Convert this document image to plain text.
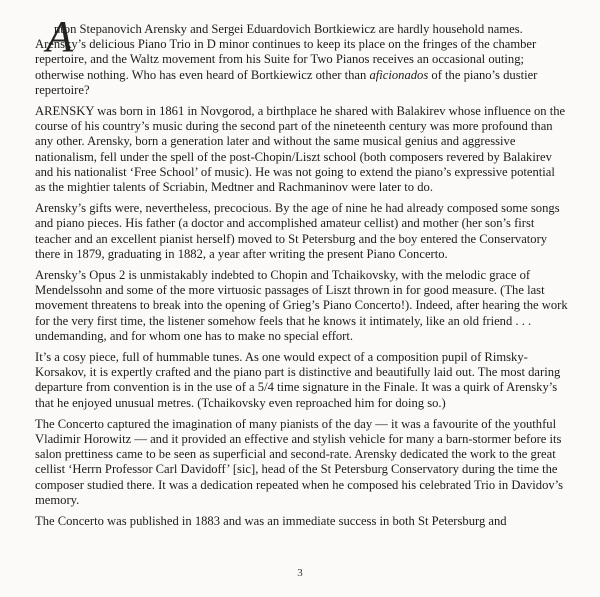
A
nton Stepanovich Arensky and Sergei Eduardovich Bortkiewicz are hardly household names. Arensky’s delicious Piano Trio in D minor continues to keep its place on the fringes of the chamber repertoire, and the Waltz movement from his Suite for Two Pianos receives an occasional outing; otherwise nothing. Who has even heard of Bortkiewicz other than aficionados of the piano’s dustier repertoire?

ARENSKY was born in 1861 in Novgorod, a birthplace he shared with Balakirev whose influence on the course of his country’s music during the second part of the nineteenth century was more profound than any other. Arensky, born a generation later and without the same musical genius and aggressive nationalism, fell under the spell of the post-Chopin/Liszt school (both composers revered by Balakirev and his nationalist ‘Free School’ of music). He was not going to extend the piano’s expressive potential as the mightier talents of Scriabin, Medtner and Rachmaninov were later to do.

Arensky’s gifts were, nevertheless, precocious. By the age of nine he had already composed some songs and piano pieces. His father (a doctor and accomplished amateur cellist) and mother (her son’s first teacher and an excellent pianist herself) moved to St Petersburg and the boy entered the Conservatory there in 1879, graduating in 1882, a year after writing the present Piano Concerto.

Arensky’s Opus 2 is unmistakably indebted to Chopin and Tchaikovsky, with the melodic grace of Mendelssohn and some of the more virtuosic passages of Liszt thrown in for good measure. (The last movement threatens to break into the opening of Grieg’s Piano Concerto!). Indeed, after hearing the work for the very first time, the listener somehow feels that he knows it intimately, like an old friend . . . undemanding, and for whom one has to make no special effort.

It’s a cosy piece, full of hummable tunes. As one would expect of a composition pupil of Rimsky-Korsakov, it is expertly crafted and the piano part is distinctive and beautifully laid out. The most daring departure from convention is in the use of a 5/4 time signature in the Finale. It was a quirk of Arensky’s that he enjoyed unusual metres. (Tchaikovsky even reproached him for doing so.)

The Concerto captured the imagination of many pianists of the day — it was a favourite of the youthful Vladimir Horowitz — and it provided an effective and stylish vehicle for many a barn-stormer before its salon prettiness came to be seen as superficial and second-rate. Arensky dedicated the work to the great cellist ‘Herrn Professor Carl Davidoff’ [sic], head of the St Petersburg Conservatory during the time the composer studied there. It was a dedication repeated when he composed his celebrated Trio in Davidov’s memory.

The Concerto was published in 1883 and was an immediate success in both St Petersburg and

3
